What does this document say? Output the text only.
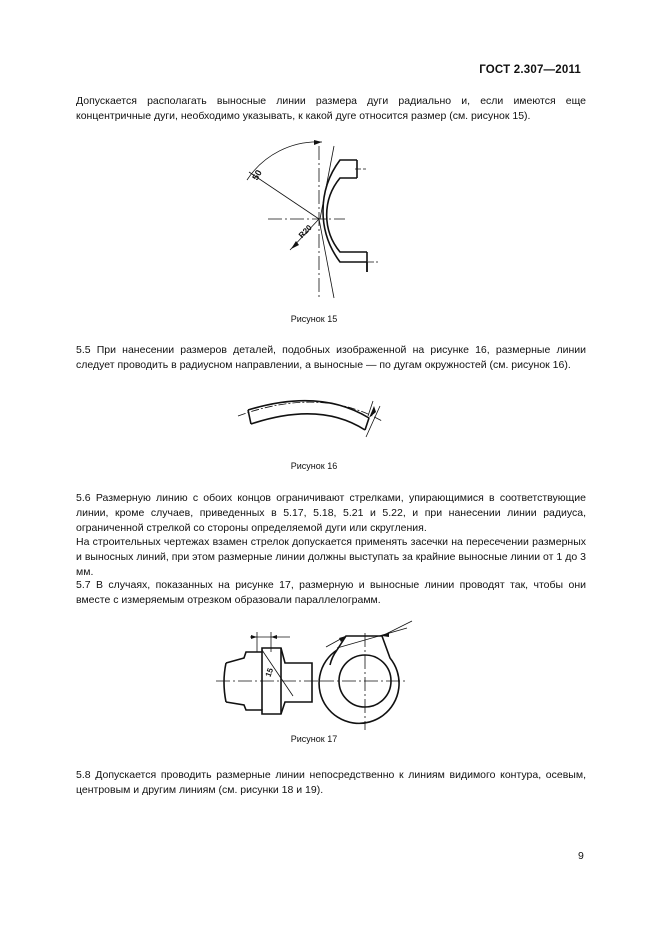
ГОСТ 2.307—2011

Допускается располагать выносные линии размера дуги радиально и, если имеются еще концентричные дуги, необходимо указывать, к какой дуге относится размер (см. рисунок 15).

50
R20
Рисунок 15

5.5 При нанесении размеров деталей, подобных изображенной на рисунке 16, размерные линии следует проводить в радиусном направлении, а выносные — по дугам окружностей (см. рисунок 16).

Рисунок 16

5.6 Размерную линию с обоих концов ограничивают стрелками, упирающимися в соответствующие линии, кроме случаев, приведенных в 5.17, 5.18, 5.21 и 5.22, и при нанесении линии радиуса, ограниченной стрелкой со стороны определяемой дуги или скругления.

На строительных чертежах взамен стрелок допускается применять засечки на пересечении размерных и выносных линий, при этом размерные линии должны выступать за крайние выносные линии от 1 до 3 мм.

5.7 В случаях, показанных на рисунке 17, размерную и выносные линии проводят так, чтобы они вместе с измеряемым отрезком образовали параллелограмм.

15
Рисунок 17

5.8 Допускается проводить размерные линии непосредственно к линиям видимого контура, осевым, центровым и другим линиям (см. рисунки 18 и 19).

9
